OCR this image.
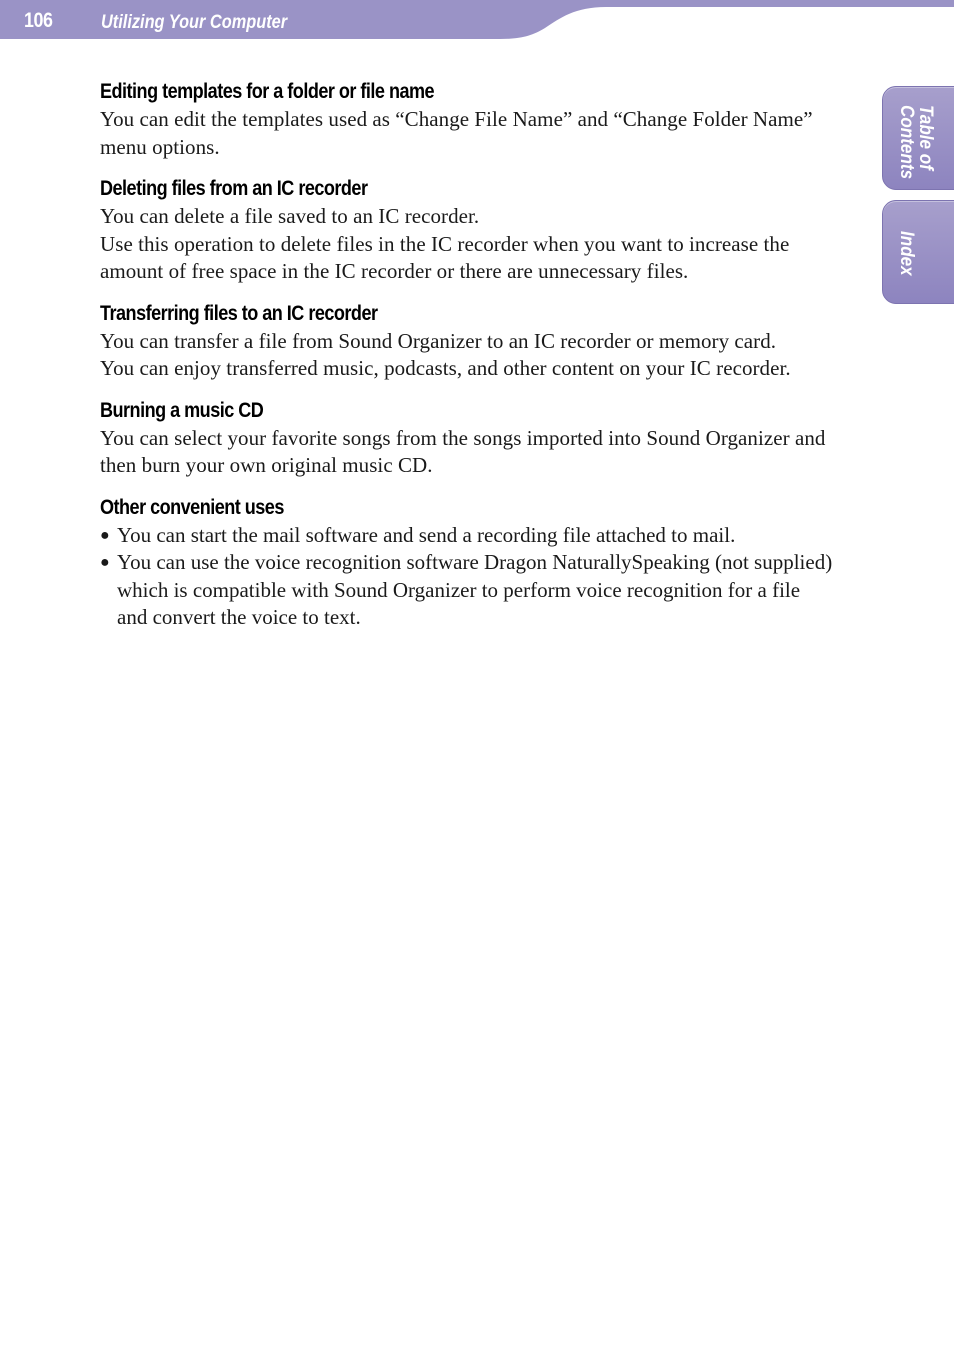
106	Utilizing Your Computer
Table of
Contents
Index
Editing templates for a folder or file name

You can edit the templates used as “Change File Name” and “Change Folder Name” menu options.

Deleting files from an IC recorder

You can delete a file saved to an IC recorder.

Use this operation to delete files in the IC recorder when you want to increase the amount of free space in the IC recorder or there are unnecessary files.

Transferring files to an IC recorder

You can transfer a file from Sound Organizer to an IC recorder or memory card.

You can enjoy transferred music, podcasts, and other content on your IC recorder.

Burning a music CD

You can select your favorite songs from the songs imported into Sound Organizer and then burn your own original music CD.

Other convenient uses
● You can start the mail software and send a recording file attached to mail.
● You can use the voice recognition software Dragon NaturallySpeaking (not supplied) which is compatible with Sound Organizer to perform voice recognition for a file and convert the voice to text.
